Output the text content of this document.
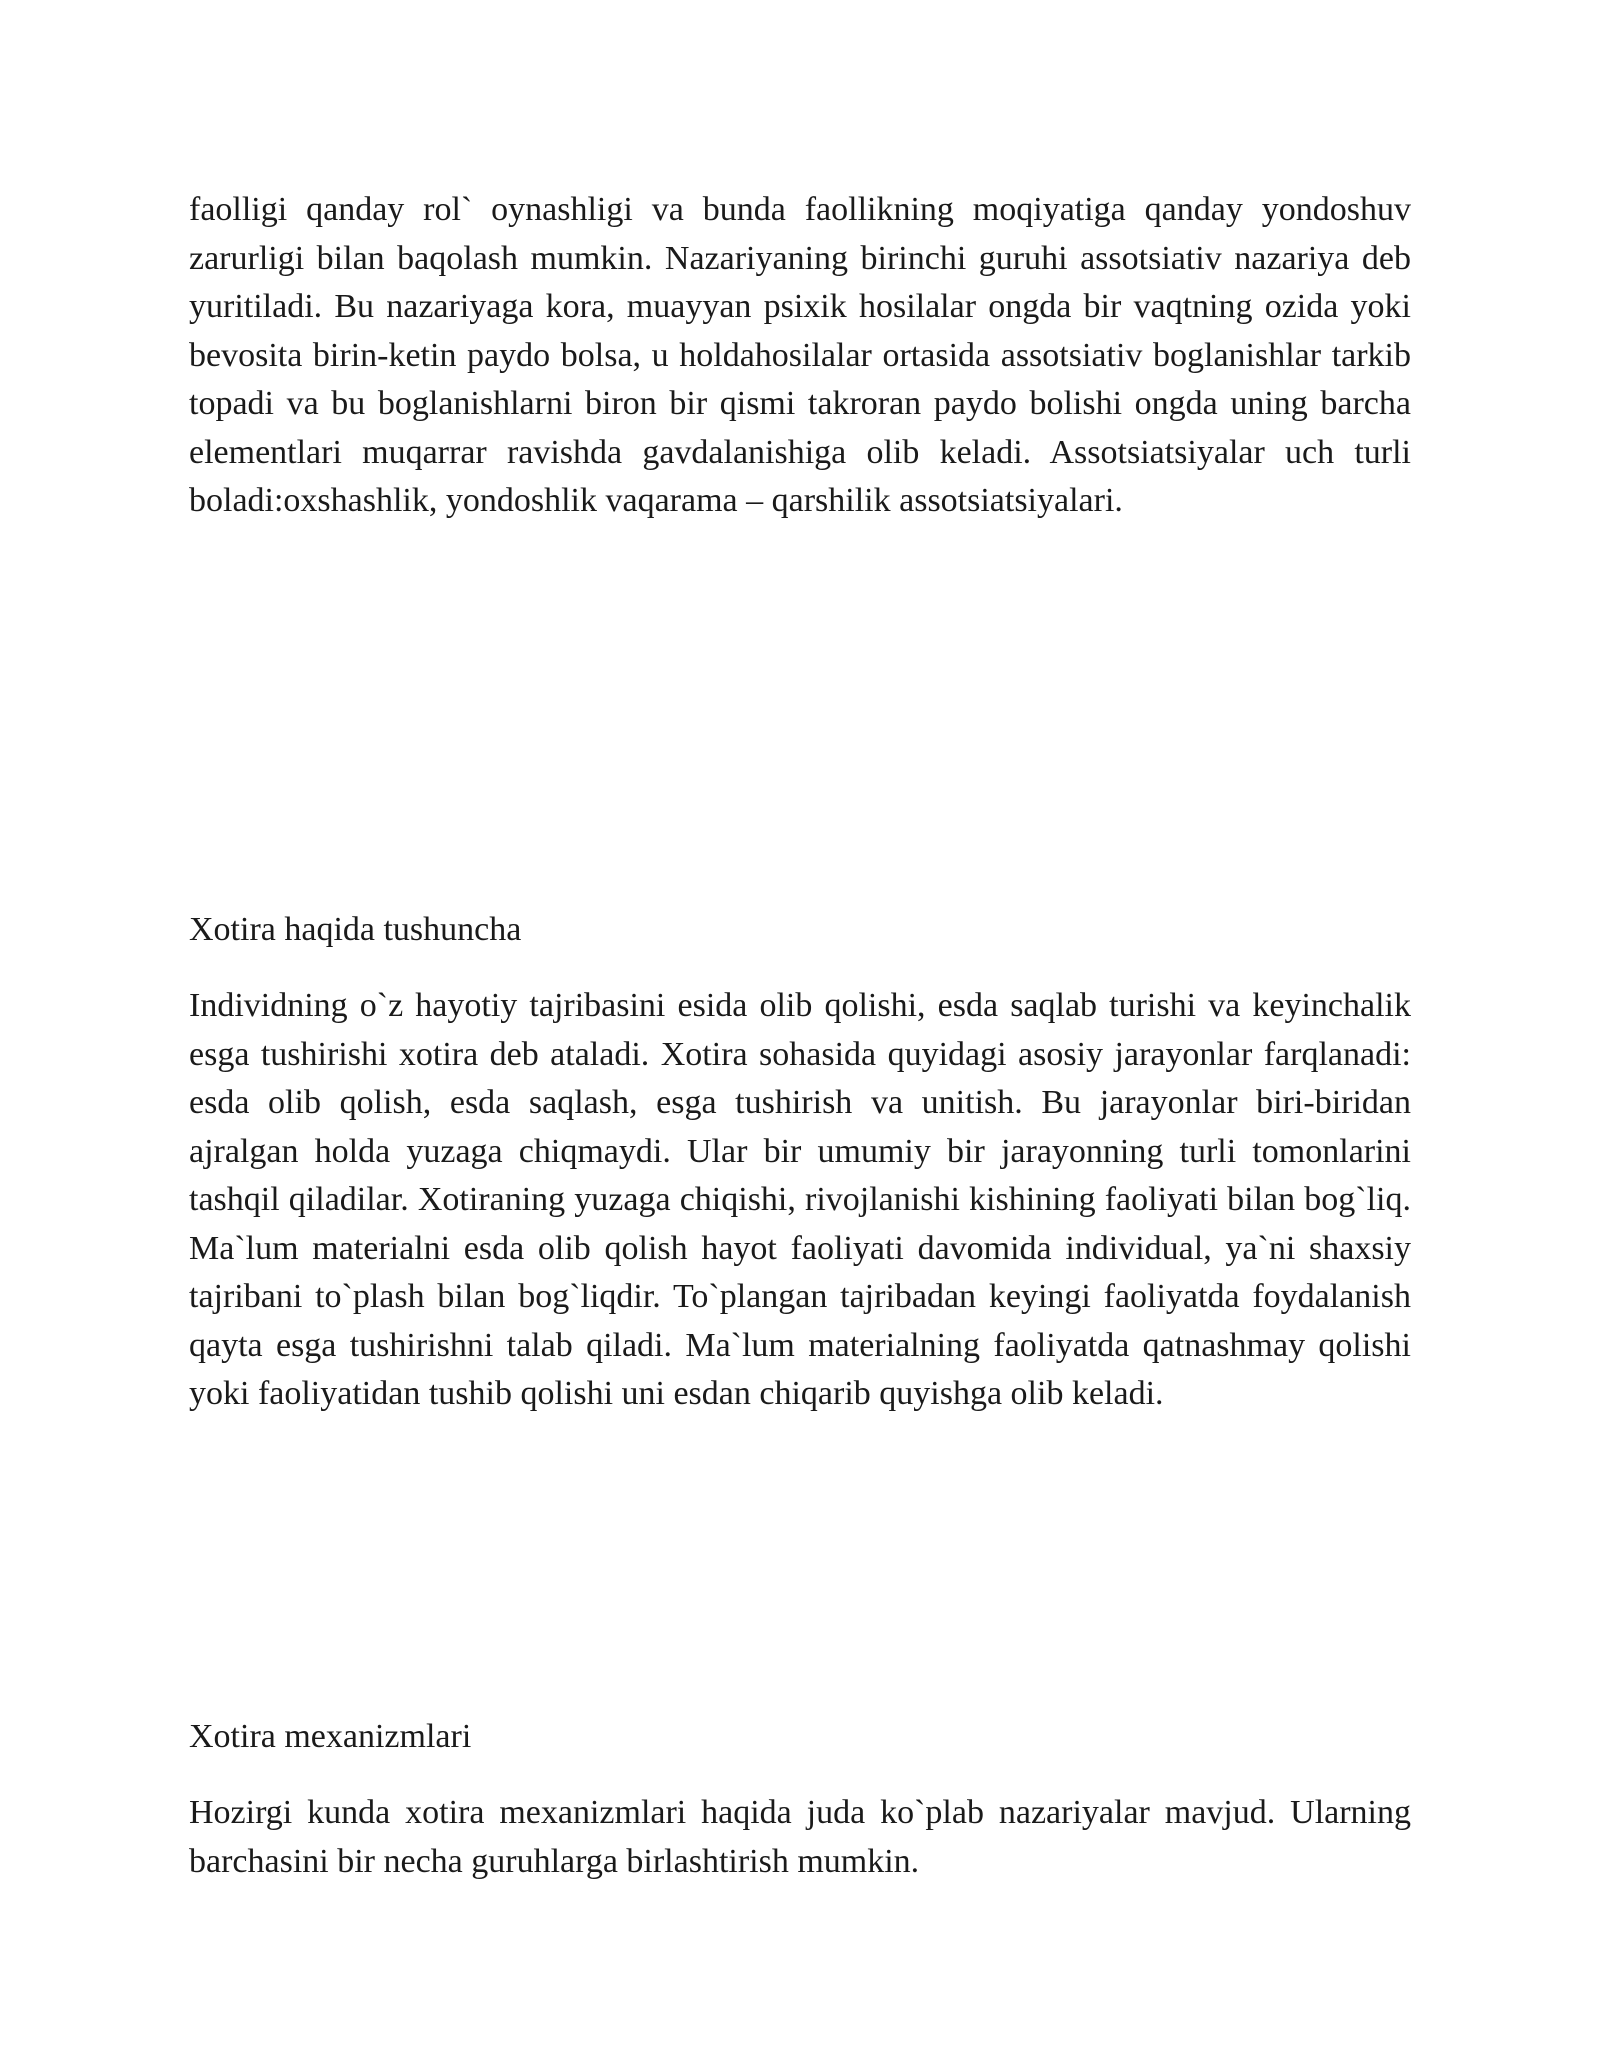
faolligi qanday rol` oynashligi va bunda faollikning moqiyatiga qanday yondoshuv zarurligi bilan baqolash mumkin. Nazariyaning birinchi guruhi assotsiativ nazariya deb yuritiladi. Bu nazariyaga kora, muayyan psixik hosilalar ongda bir vaqtning ozida yoki bevosita birin-ketin paydo bolsa, u holdahosilalar ortasida assotsiativ boglanishlar tarkib topadi va bu boglanishlarni biron bir qismi takroran paydo bolishi ongda uning barcha elementlari muqarrar ravishda gavdalanishiga olib keladi. Assotsiatsiyalar uch turli boladi:oxshashlik, yondoshlik vaqarama – qarshilik assotsiatsiyalari.

Xotira haqida tushuncha

Individning o`z hayotiy tajribasini esida olib qolishi, esda saqlab turishi va keyinchalik esga tushirishi xotira deb ataladi. Xotira sohasida quyidagi asosiy jarayonlar farqlanadi: esda olib qolish, esda saqlash, esga tushirish va unitish. Bu jarayonlar biri-biridan ajralgan holda yuzaga chiqmaydi. Ular bir umumiy bir jarayonning turli tomonlarini tashqil qiladilar. Xotiraning yuzaga chiqishi, rivojlanishi kishining faoliyati bilan bog`liq. Ma`lum materialni esda olib qolish hayot faoliyati davomida individual, ya`ni shaxsiy tajribani to`plash bilan bog`liqdir. To`plangan tajribadan keyingi faoliyatda foydalanish qayta esga tushirishni talab qiladi. Ma`lum materialning faoliyatda qatnashmay qolishi yoki faoliyatidan tushib qolishi uni esdan chiqarib quyishga olib keladi.

Xotira mexanizmlari

Hozirgi kunda xotira mexanizmlari haqida juda ko`plab nazariyalar mavjud. Ularning barchasini bir necha guruhlarga birlashtirish mumkin.
